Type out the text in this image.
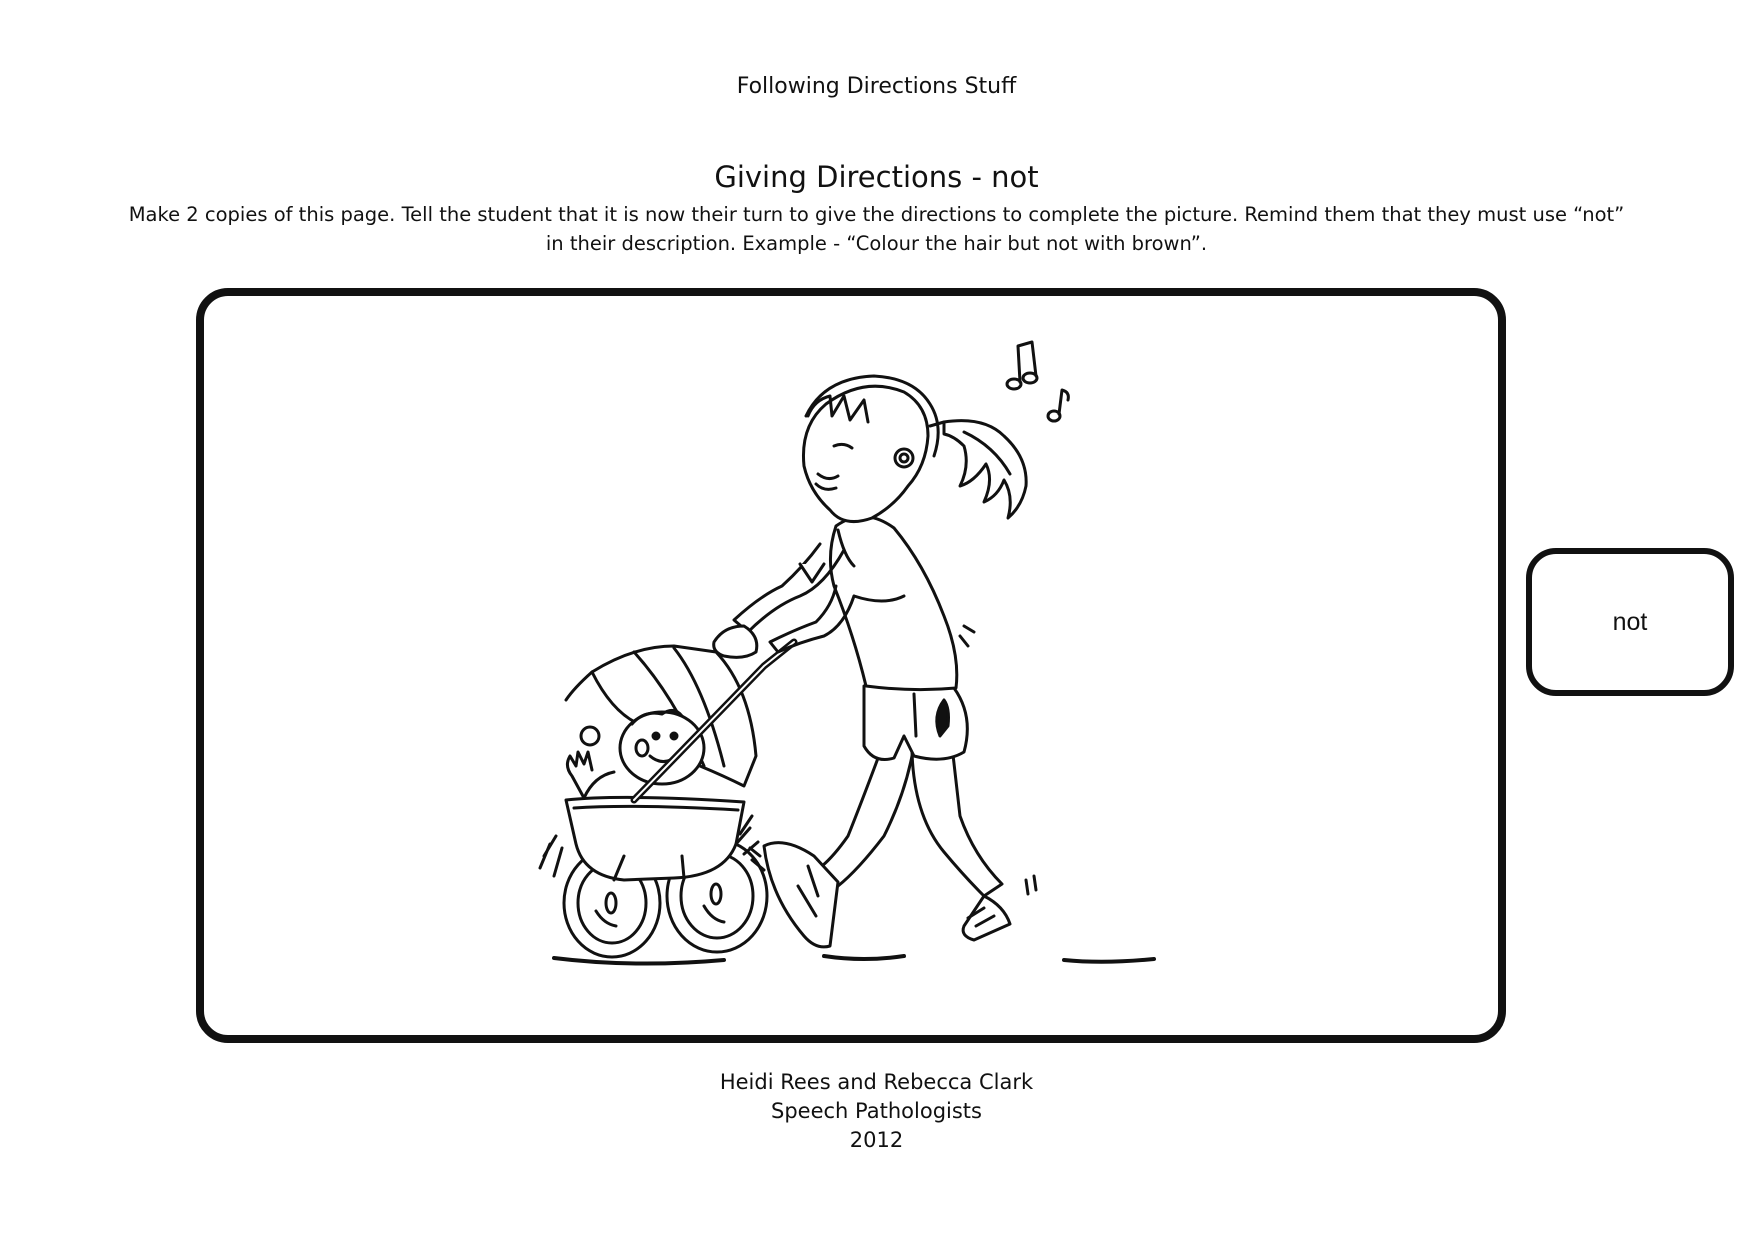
Following Directions Stuff
Giving Directions - not
Make 2 copies of this page. Tell the student that it is now their turn to give the directions to complete the picture. Remind them that they must use “not”
in their description. Example - “Colour the hair but not with brown”.
not
Heidi Rees and Rebecca Clark
Speech Pathologists
2012
